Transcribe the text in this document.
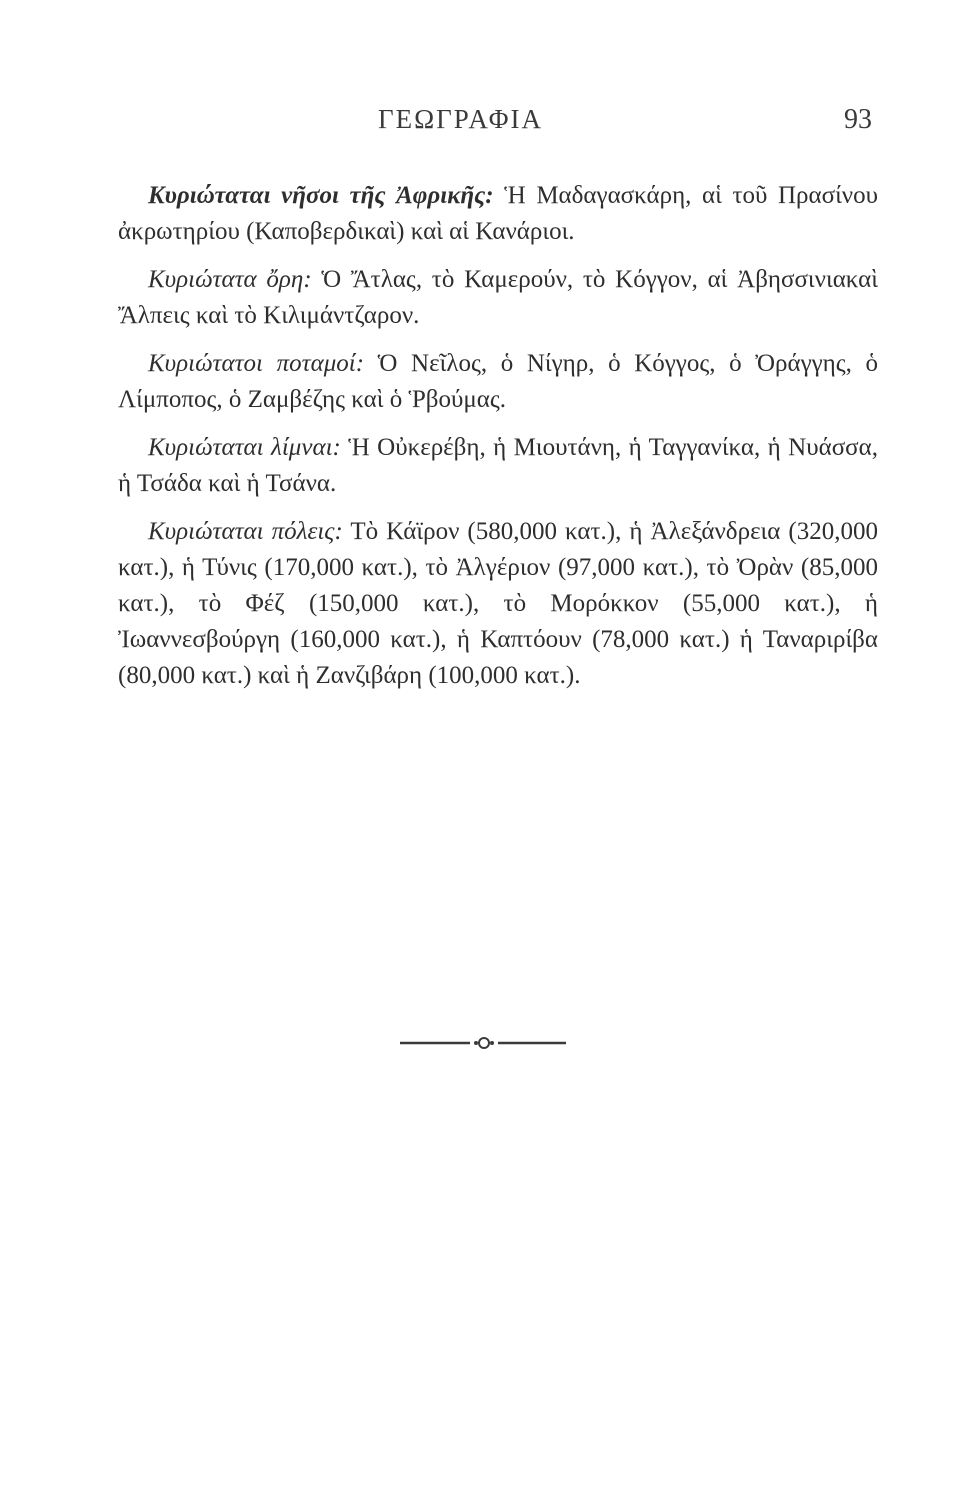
ΓΕΩΓΡΑΦΙΑ	93

Κυριώταται νῆσοι τῆς Ἀφρικῆς: Ἡ Μαδαγασκάρη, αἱ τοῦ Πρασίνου ἀκρωτηρίου (Καποβερδικαὶ) καὶ αἱ Κανάριοι.

Κυριώτατα ὄρη: Ὁ Ἄτλας, τὸ Καμερούν, τὸ Κόγγον, αἱ Ἀβησσινιακαὶ Ἄλπεις καὶ τὸ Κιλιμάντζαρον.

Κυριώτατοι ποταμοί: Ὁ Νεῖλος, ὁ Νίγηρ, ὁ Κόγγος, ὁ Ὀράγγης, ὁ Λίμποπος, ὁ Ζαμβέζης καὶ ὁ Ῥβούμας.

Κυριώταται λίμναι: Ἡ Οὐκερέβη, ἡ Μιουτάνη, ἡ Ταγγανίκα, ἡ Νυάσσα, ἡ Τσάδα καὶ ἡ Τσάνα.

Κυριώταται πόλεις: Τὸ Κάϊρον (580,000 κατ.), ἡ Ἀλεξάνδρεια (320,000 κατ.), ἡ Τύνις (170,000 κατ.), τὸ Ἀλγέριον (97,000 κατ.), τὸ Ὀρὰν (85,000 κατ.), τὸ Φέζ (150,000 κατ.), τὸ Μορόκκον (55,000 κατ.), ἡ Ἰωαννεσβούργη (160,000 κατ.), ἡ Καπτόουν (78,000 κατ.) ἡ Ταναριρίβα (80,000 κατ.) καὶ ἡ Ζανζιβάρη (100,000 κατ.).
